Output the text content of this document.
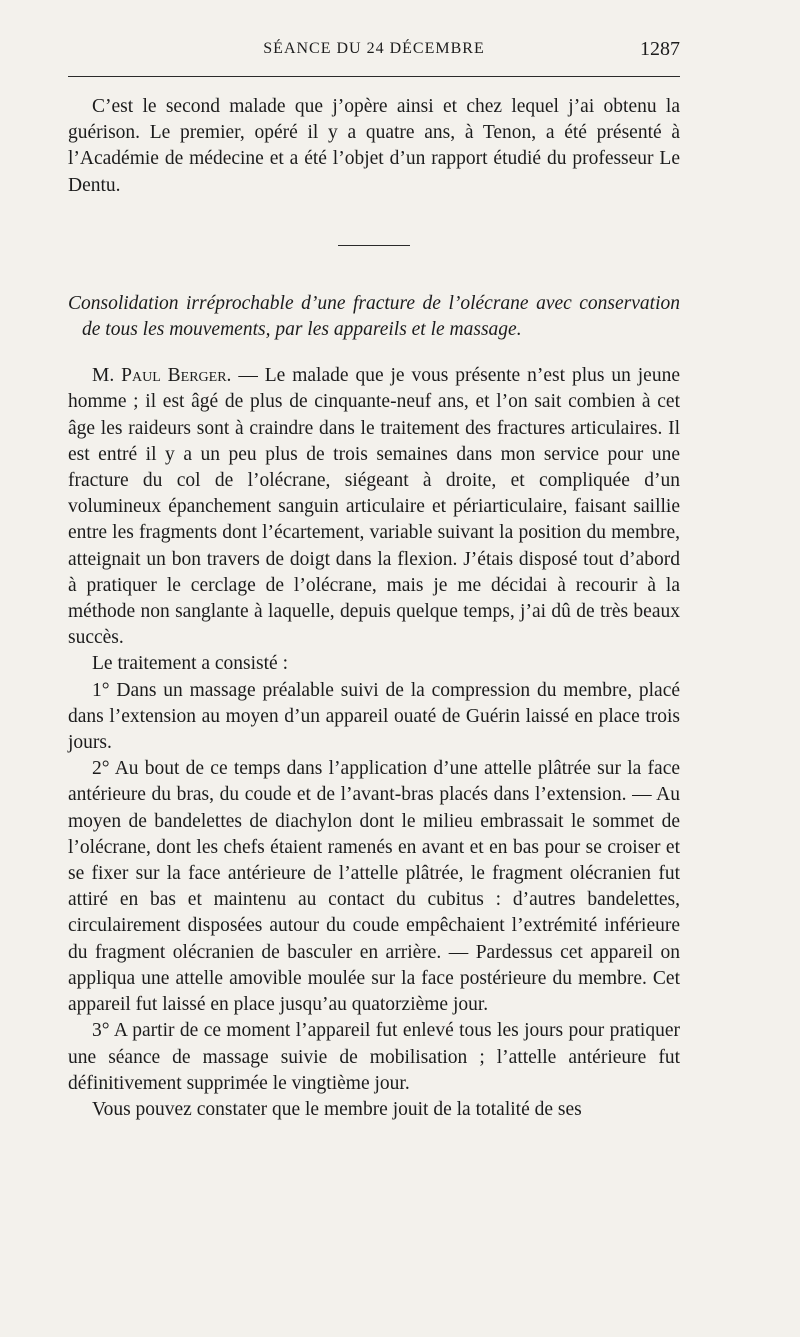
SÉANCE DU 24 DÉCEMBRE	1287

C’est le second malade que j’opère ainsi et chez lequel j’ai obtenu la guérison. Le premier, opéré il y a quatre ans, à Tenon, a été présenté à l’Académie de médecine et a été l’objet d’un rapport étudié du professeur Le Dentu.

Consolidation irréprochable d’une fracture de l’olécrane avec conservation de tous les mouvements, par les appareils et le massage.

M. Paul Berger. — Le malade que je vous présente n’est plus un jeune homme ; il est âgé de plus de cinquante-neuf ans, et l’on sait combien à cet âge les raideurs sont à craindre dans le traitement des fractures articulaires. Il est entré il y a un peu plus de trois semaines dans mon service pour une fracture du col de l’olécrane, siégeant à droite, et compliquée d’un volumineux épanchement sanguin articulaire et périarticulaire, faisant saillie entre les fragments dont l’écartement, variable suivant la position du membre, atteignait un bon travers de doigt dans la flexion. J’étais disposé tout d’abord à pratiquer le cerclage de l’olécrane, mais je me décidai à recourir à la méthode non sanglante à laquelle, depuis quelque temps, j’ai dû de très beaux succès.

Le traitement a consisté :

1° Dans un massage préalable suivi de la compression du membre, placé dans l’extension au moyen d’un appareil ouaté de Guérin laissé en place trois jours.

2° Au bout de ce temps dans l’application d’une attelle plâtrée sur la face antérieure du bras, du coude et de l’avant-bras placés dans l’extension. — Au moyen de bandelettes de diachylon dont le milieu embrassait le sommet de l’olécrane, dont les chefs étaient ramenés en avant et en bas pour se croiser et se fixer sur la face antérieure de l’attelle plâtrée, le fragment olécranien fut attiré en bas et maintenu au contact du cubitus : d’autres bandelettes, circulairement disposées autour du coude empêchaient l’extrémité inférieure du fragment olécranien de basculer en arrière. — Pardessus cet appareil on appliqua une attelle amovible moulée sur la face postérieure du membre. Cet appareil fut laissé en place jusqu’au quatorzième jour.

3° A partir de ce moment l’appareil fut enlevé tous les jours pour pratiquer une séance de massage suivie de mobilisation ; l’attelle antérieure fut définitivement supprimée le vingtième jour.

Vous pouvez constater que le membre jouit de la totalité de ses
